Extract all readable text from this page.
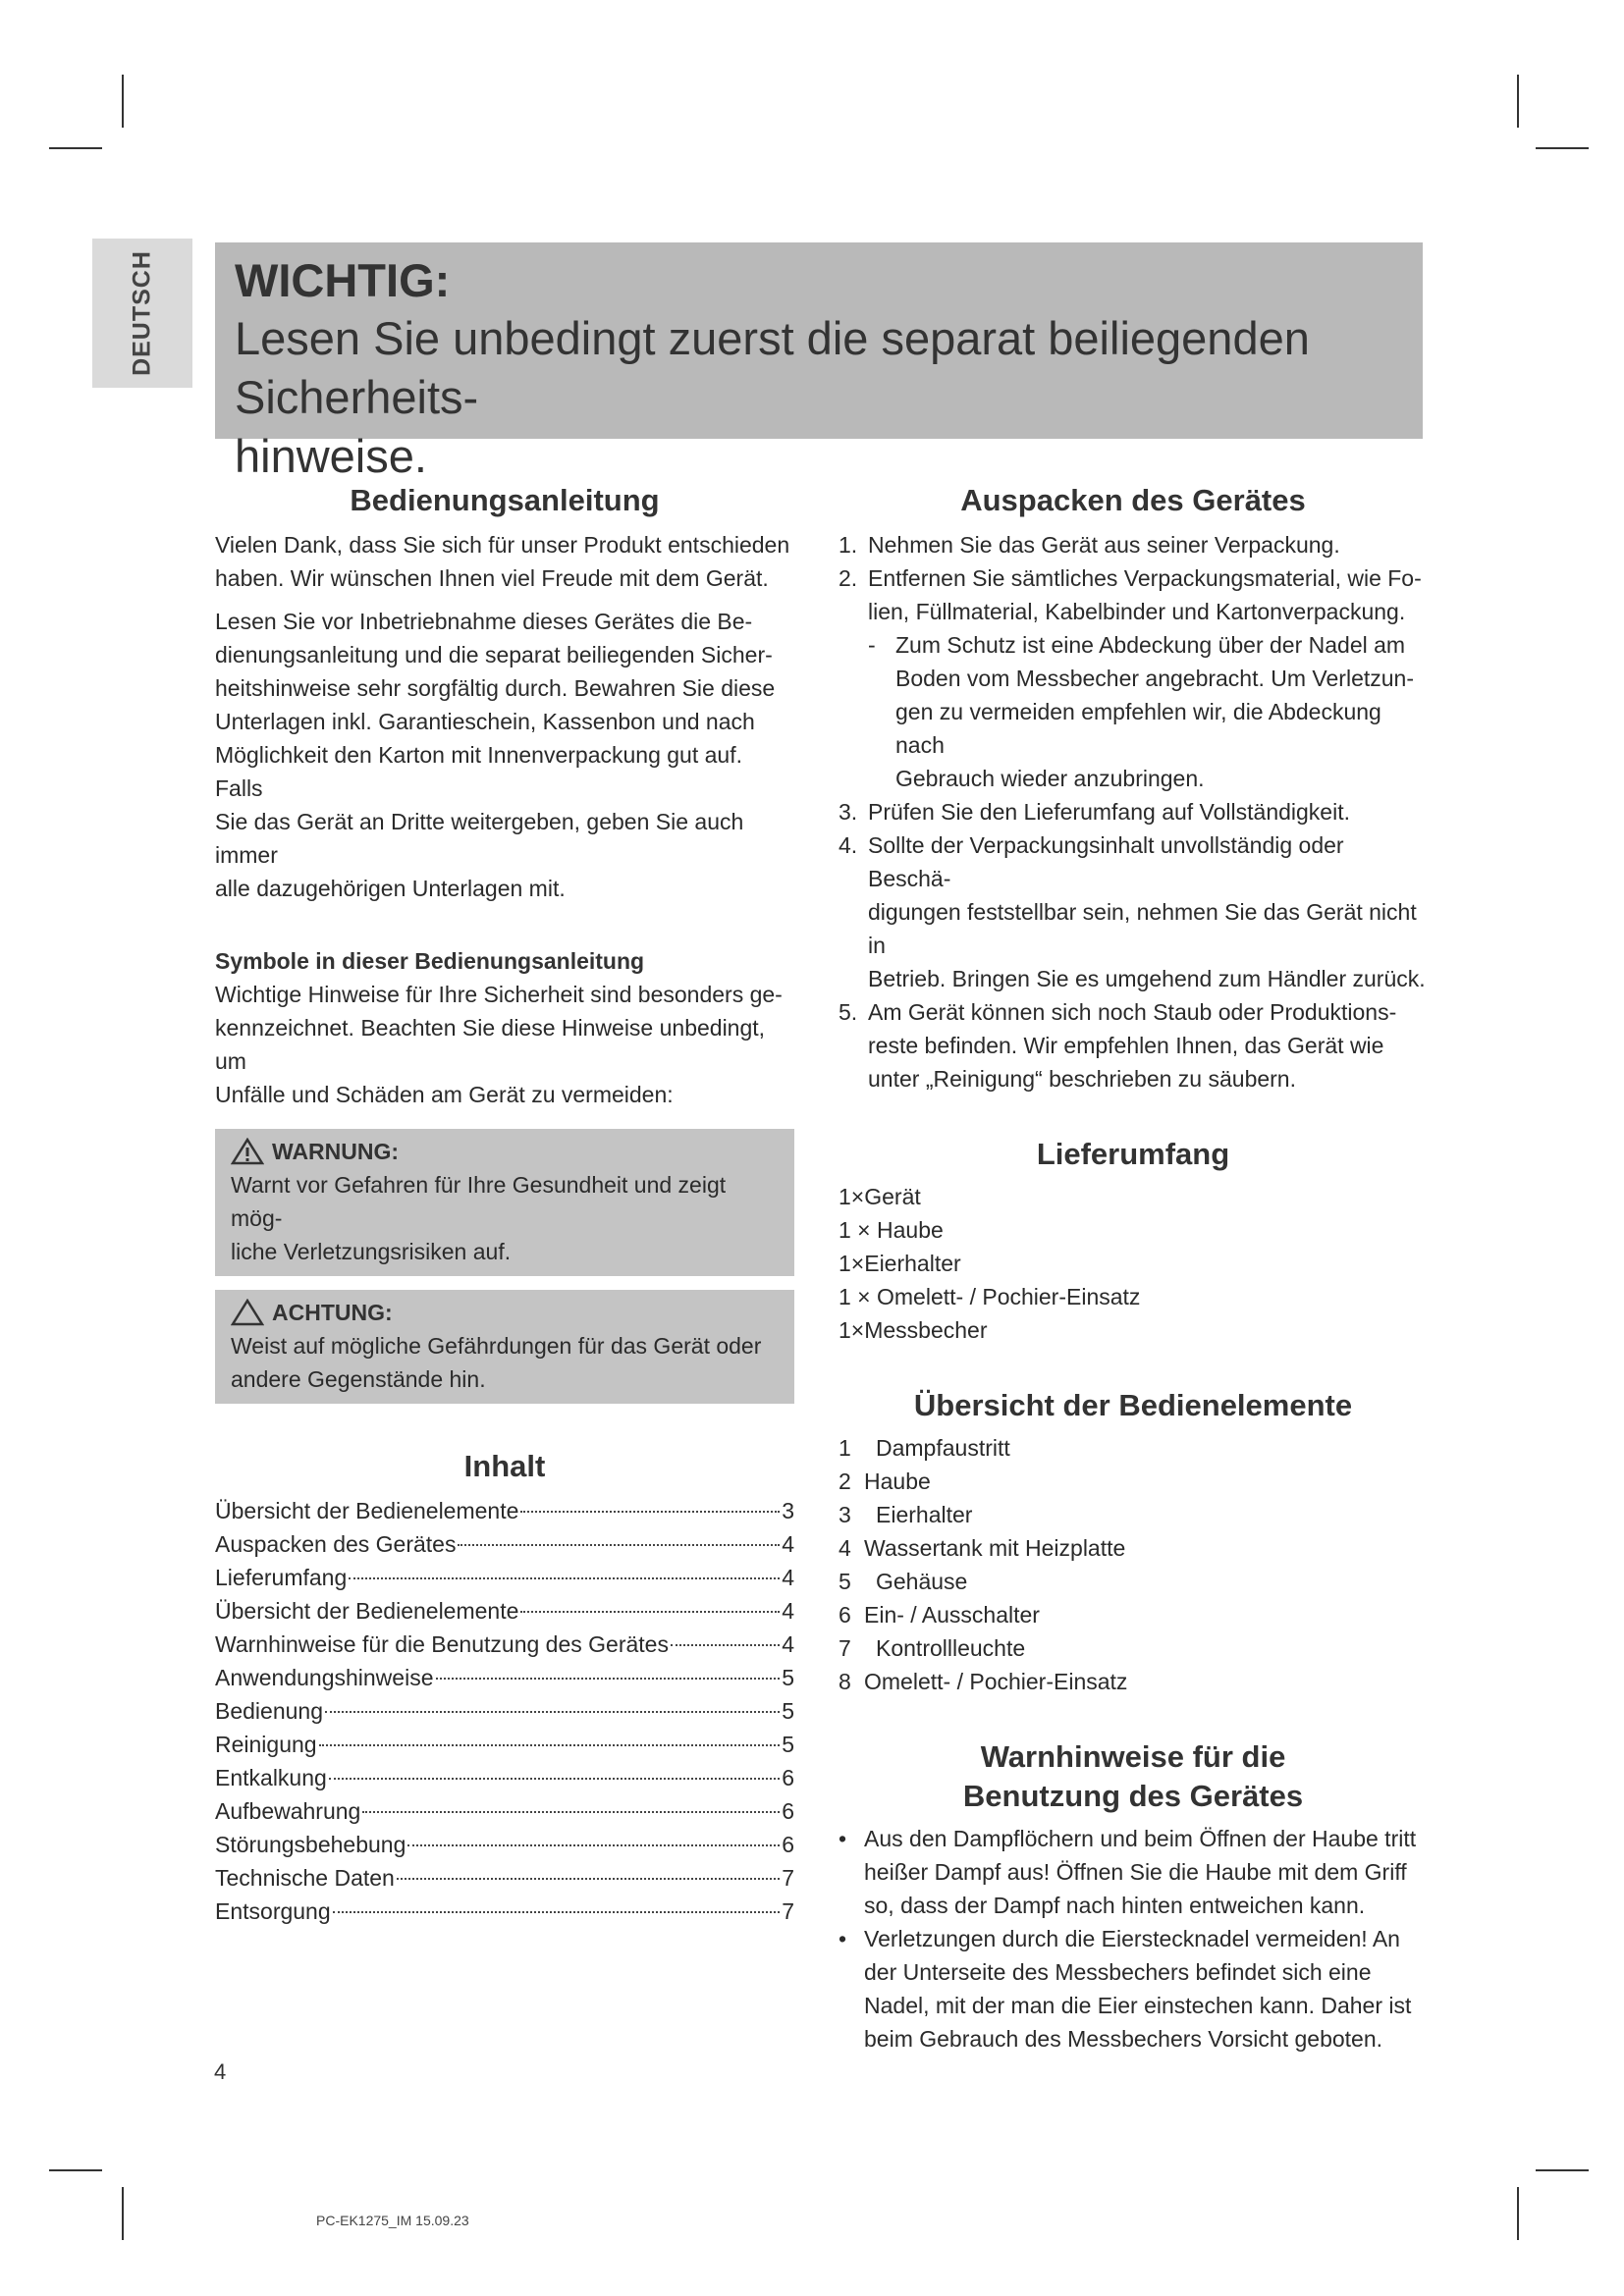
DEUTSCH WICHTIG:
Lesen Sie unbedingt zuerst die separat beiliegenden Sicherheits-
hinweise.
Bedienungsanleitung
Vielen Dank, dass Sie sich für unser Produkt entschieden
haben. Wir wünschen Ihnen viel Freude mit dem Gerät.
Lesen Sie vor Inbetriebnahme dieses Gerätes die Be-
dienungsanleitung und die separat beiliegenden Sicher-
heitshinweise sehr sorgfältig durch. Bewahren Sie diese
Unterlagen inkl. Garantieschein, Kassenbon und nach
Möglichkeit den Karton mit Innenverpackung gut auf. Falls
Sie das Gerät an Dritte weitergeben, geben Sie auch immer
alle dazugehörigen Unterlagen mit.
Symbole in dieser Bedienungsanleitung
Wichtige Hinweise für Ihre Sicherheit sind besonders ge-
kennzeichnet. Beachten Sie diese Hinweise unbedingt, um
Unfälle und Schäden am Gerät zu vermeiden:
WARNUNG:
Warnt vor Gefahren für Ihre Gesundheit und zeigt mög-
liche Verletzungsrisiken auf.
ACHTUNG:
Weist auf mögliche Gefährdungen für das Gerät oder
andere Gegenstände hin.
Inhalt
Übersicht der Bedienelemente	3
Auspacken des Gerätes	4
Lieferumfang	4
Übersicht der Bedienelemente	4
Warnhinweise für die Benutzung des Gerätes	4
Anwendungshinweise	5
Bedienung	5
Reinigung	5
Entkalkung	6
Aufbewahrung	6
Störungsbehebung	6
Technische Daten	7
Entsorgung	7
Auspacken des Gerätes
1. Nehmen Sie das Gerät aus seiner Verpackung.
2. Entfernen Sie sämtliches Verpackungsmaterial, wie Fo-
lien, Füllmaterial, Kabelbinder und Kartonverpackung.
- Zum Schutz ist eine Abdeckung über der Nadel am
Boden vom Messbecher angebracht. Um Verletzun-
gen zu vermeiden empfehlen wir, die Abdeckung nach
Gebrauch wieder anzubringen.
3. Prüfen Sie den Lieferumfang auf Vollständigkeit.
4. Sollte der Verpackungsinhalt unvollständig oder Beschä-
digungen feststellbar sein, nehmen Sie das Gerät nicht in
Betrieb. Bringen Sie es umgehend zum Händler zurück.
5. Am Gerät können sich noch Staub oder Produktions-
reste befinden. Wir empfehlen Ihnen, das Gerät wie
unter „Reinigung“ beschrieben zu säubern.
Lieferumfang
1×Gerät
1 × Haube
1×Eierhalter
1 × Omelett- / Pochier-Einsatz
1×Messbecher
Übersicht der Bedienelemente
1	Dampfaustritt
2 Haube
3	Eierhalter
4 Wassertank mit Heizplatte
5	Gehäuse
6 Ein- / Ausschalter
7	Kontrollleuchte
8 Omelett- / Pochier-Einsatz
Warnhinweise für die
Benutzung des Gerätes
• Aus den Dampflöchern und beim Öffnen der Haube tritt
heißer Dampf aus! Öffnen Sie die Haube mit dem Griff
so, dass der Dampf nach hinten entweichen kann.
• Verletzungen durch die Eierstecknadel vermeiden! An
der Unterseite des Messbechers befindet sich eine
Nadel, mit der man die Eier einstechen kann. Daher ist
beim Gebrauch des Messbechers Vorsicht geboten.
4
PC-EK1275_IM 15.09.23
